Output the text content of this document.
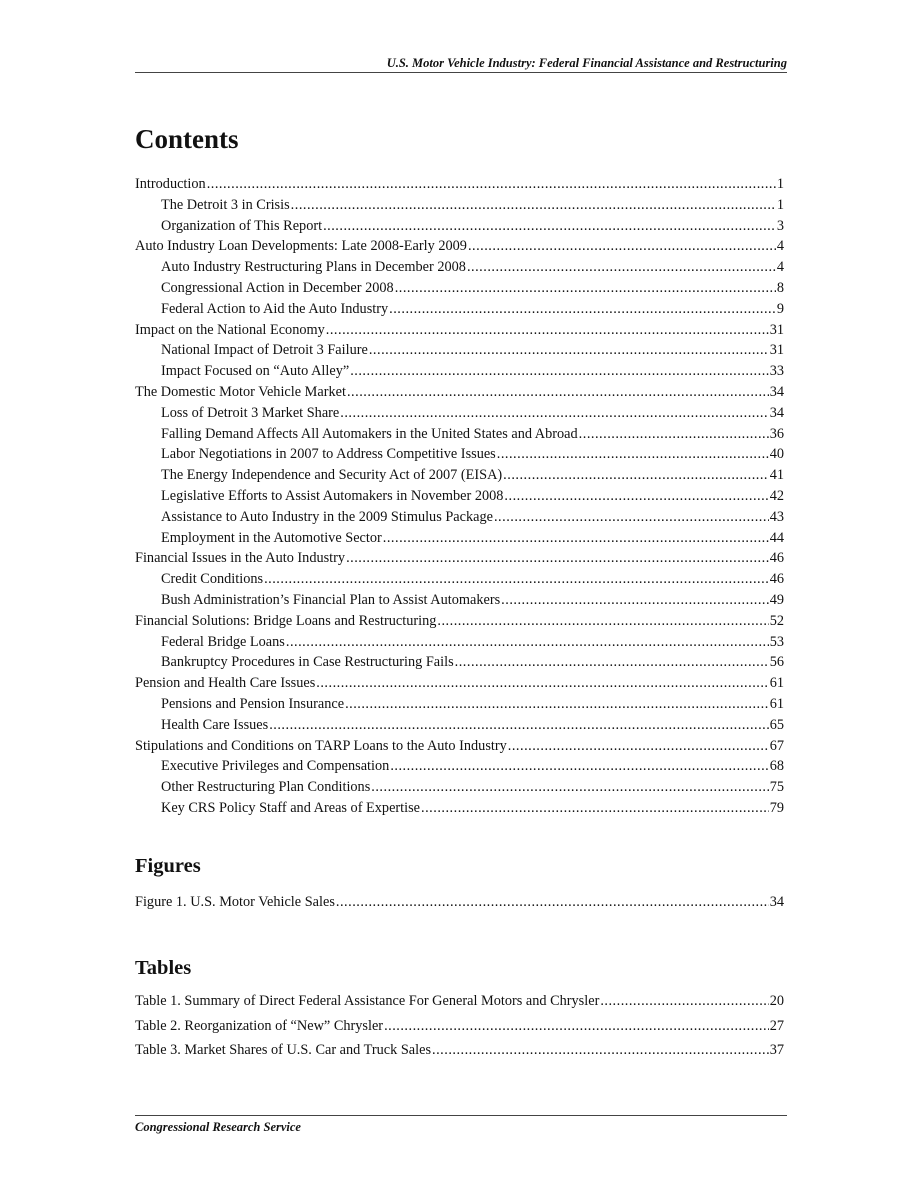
U.S. Motor Vehicle Industry: Federal Financial Assistance and Restructuring
Contents
Introduction .....	1
The Detroit 3 in Crisis .....	1
Organization of This Report .....	3
Auto Industry Loan Developments: Late 2008-Early 2009 .....	4
Auto Industry Restructuring Plans in December 2008 .....	4
Congressional Action in December 2008 .....	8
Federal Action to Aid the Auto Industry .....	9
Impact on the National Economy .....	31
National Impact of Detroit 3 Failure .....	31
Impact Focused on “Auto Alley” .....	33
The Domestic Motor Vehicle Market .....	34
Loss of Detroit 3 Market Share .....	34
Falling Demand Affects All Automakers in the United States and Abroad .....	36
Labor Negotiations in 2007 to Address Competitive Issues .....	40
The Energy Independence and Security Act of 2007 (EISA) .....	41
Legislative Efforts to Assist Automakers in November 2008 .....	42
Assistance to Auto Industry in the 2009 Stimulus Package .....	43
Employment in the Automotive Sector .....	44
Financial Issues in the Auto Industry .....	46
Credit Conditions .....	46
Bush Administration’s Financial Plan to Assist Automakers .....	49
Financial Solutions: Bridge Loans and Restructuring .....	52
Federal Bridge Loans .....	53
Bankruptcy Procedures in Case Restructuring Fails .....	56
Pension and Health Care Issues .....	61
Pensions and Pension Insurance .....	61
Health Care Issues .....	65
Stipulations and Conditions on TARP Loans to the Auto Industry .....	67
Executive Privileges and Compensation .....	68
Other Restructuring Plan Conditions .....	75
Key CRS Policy Staff and Areas of Expertise .....	79
Figures
Figure 1. U.S. Motor Vehicle Sales .....	34
Tables
Table 1. Summary of Direct Federal Assistance For General Motors and Chrysler .....	20
Table 2. Reorganization of “New” Chrysler .....	27
Table 3. Market Shares of U.S. Car and Truck Sales .....	37
Congressional Research Service
